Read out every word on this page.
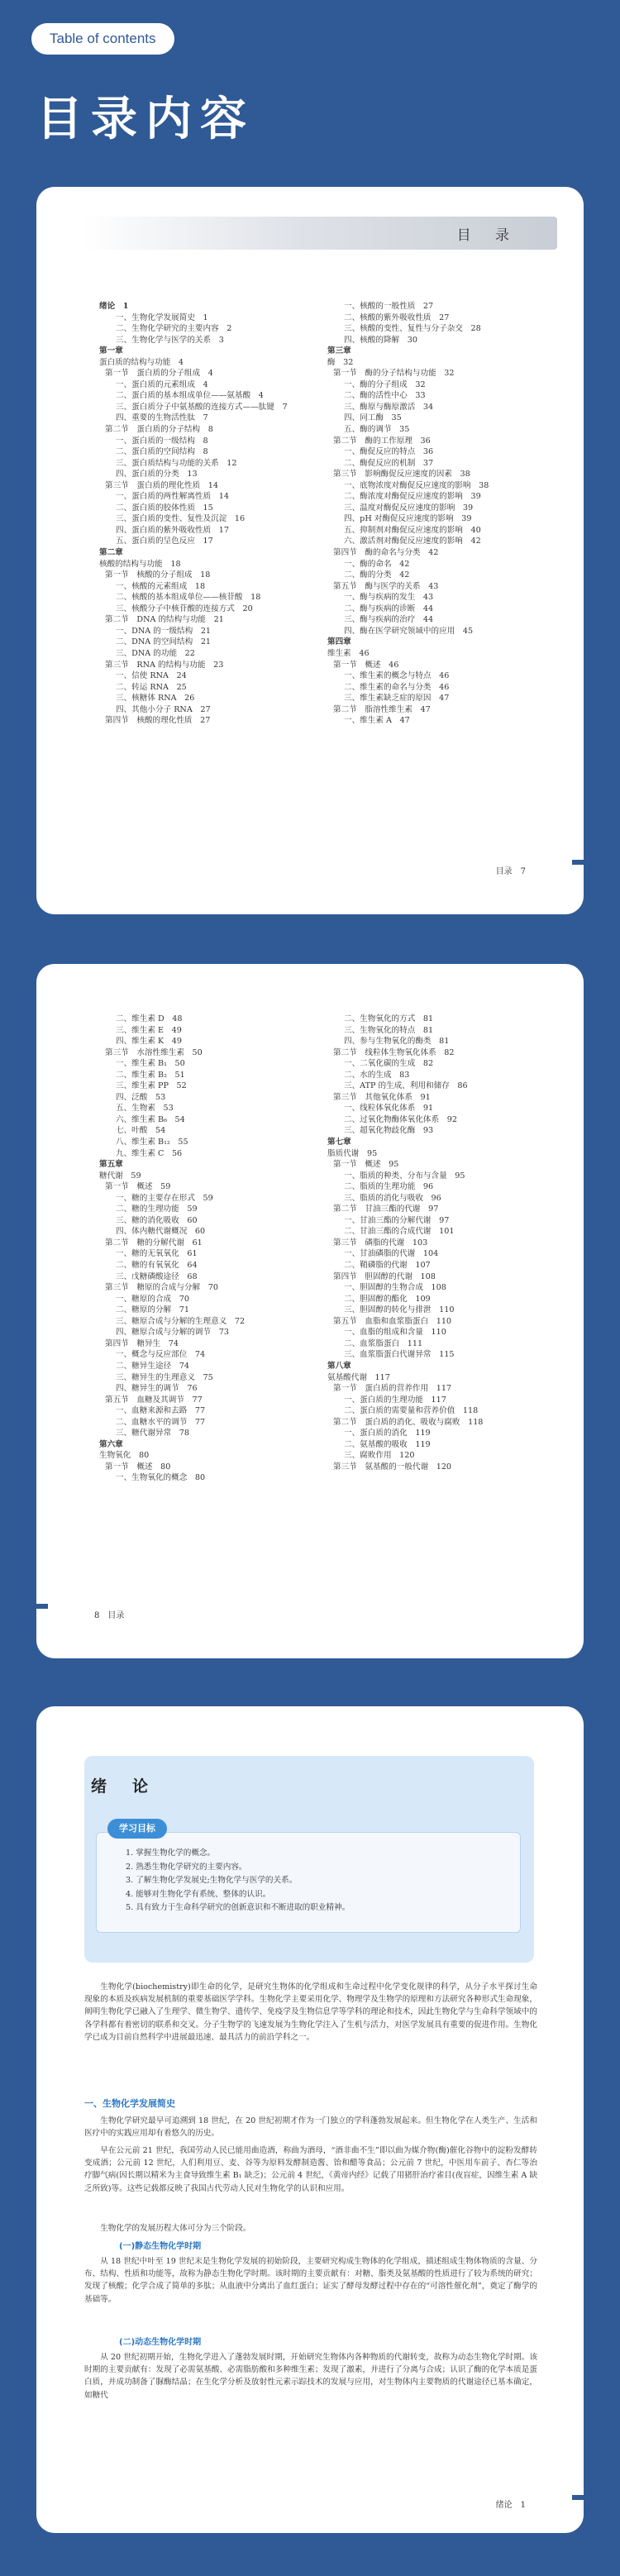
Table of contents
目录内容
目 录
绪论　1
一、生物化学发展简史　1
二、生物化学研究的主要内容　2
三、生物化学与医学的关系　3
第一章
蛋白质的结构与功能　4
第一节　蛋白质的分子组成　4
一、蛋白质的元素组成　4
二、蛋白质的基本组成单位——氨基酸　4
三、蛋白质分子中氨基酸的连接方式——肽键　7
四、重要的生物活性肽　7
第二节　蛋白质的分子结构　8
一、蛋白质的一级结构　8
二、蛋白质的空间结构　8
三、蛋白质结构与功能的关系　12
四、蛋白质的分类　13
第三节　蛋白质的理化性质　14
一、蛋白质的两性解离性质　14
二、蛋白质的胶体性质　15
三、蛋白质的变性、复性及沉淀　16
四、蛋白质的紫外吸收性质　17
五、蛋白质的呈色反应　17
第二章
核酸的结构与功能　18
第一节　核酸的分子组成　18
一、核酸的元素组成　18
二、核酸的基本组成单位——核苷酸　18
三、核酸分子中核苷酸的连接方式　20
第二节　DNA 的结构与功能　21
一、DNA 的一级结构　21
二、DNA 的空间结构　21
三、DNA 的功能　22
第三节　RNA 的结构与功能　23
一、信使 RNA　24
二、转运 RNA　25
三、核糖体 RNA　26
四、其他小分子 RNA　27
第四节　核酸的理化性质　27
一、核酸的一般性质　27
二、核酸的紫外吸收性质　27
三、核酸的变性、复性与分子杂交　28
四、核酸的降解　30
第三章
酶　32
第一节　酶的分子结构与功能　32
一、酶的分子组成　32
二、酶的活性中心　33
三、酶原与酶原激活　34
四、同工酶　35
五、酶的调节　35
第二节　酶的工作原理　36
一、酶促反应的特点　36
二、酶促反应的机制　37
第三节　影响酶促反应速度的因素　38
一、底物浓度对酶促反应速度的影响　38
二、酶浓度对酶促反应速度的影响　39
三、温度对酶促反应速度的影响　39
四、pH 对酶促反应速度的影响　39
五、抑制剂对酶促反应速度的影响　40
六、激活剂对酶促反应速度的影响　42
第四节　酶的命名与分类　42
一、酶的命名　42
二、酶的分类　42
第五节　酶与医学的关系　43
一、酶与疾病的发生　43
二、酶与疾病的诊断　44
三、酶与疾病的治疗　44
四、酶在医学研究领域中的应用　45
第四章
维生素　46
第一节　概述　46
一、维生素的概念与特点　46
二、维生素的命名与分类　46
三、维生素缺乏症的原因　47
第二节　脂溶性维生素　47
一、维生素 A　47
目录　7
二、维生素 D　48
三、维生素 E　49
四、维生素 K　49
第三节　水溶性维生素　50
一、维生素 B₁　50
二、维生素 B₂　51
三、维生素 PP　52
四、泛酸　53
五、生物素　53
六、维生素 B₆　54
七、叶酸　54
八、维生素 B₁₂　55
九、维生素 C　56
第五章
糖代谢　59
第一节　概述　59
一、糖的主要存在形式　59
二、糖的生理功能　59
三、糖的消化吸收　60
四、体内糖代谢概况　60
第二节　糖的分解代谢　61
一、糖的无氧氧化　61
二、糖的有氧氧化　64
三、戊糖磷酸途径　68
第三节　糖原的合成与分解　70
一、糖原的合成　70
二、糖原的分解　71
三、糖原合成与分解的生理意义　72
四、糖原合成与分解的调节　73
第四节　糖异生　74
一、概念与反应部位　74
二、糖异生途径　74
三、糖异生的生理意义　75
四、糖异生的调节　76
第五节　血糖及其调节　77
一、血糖来源和去路　77
二、血糖水平的调节　77
三、糖代谢异常　78
第六章
生物氧化　80
第一节　概述　80
一、生物氧化的概念　80
二、生物氧化的方式　81
三、生物氧化的特点　81
四、参与生物氧化的酶类　81
第二节　线粒体生物氧化体系　82
一、二氧化碳的生成　82
二、水的生成　83
三、ATP 的生成、利用和储存　86
第三节　其他氧化体系　91
一、线粒体氧化体系　91
二、过氧化物酶体氧化体系　92
三、超氧化物歧化酶　93
第七章
脂质代谢　95
第一节　概述　95
一、脂质的种类、分布与含量　95
二、脂质的生理功能　96
三、脂质的消化与吸收　96
第二节　甘油三酯的代谢　97
一、甘油三酯的分解代谢　97
二、甘油三酯的合成代谢　101
第三节　磷脂的代谢　103
一、甘油磷脂的代谢　104
二、鞘磷脂的代谢　107
第四节　胆固醇的代谢　108
一、胆固醇的生物合成　108
二、胆固醇的酯化　109
三、胆固醇的转化与排泄　110
第五节　血脂和血浆脂蛋白　110
一、血脂的组成和含量　110
二、血浆脂蛋白　111
三、血浆脂蛋白代谢异常　115
第八章
氨基酸代谢　117
第一节　蛋白质的营养作用　117
一、蛋白质的生理功能　117
二、蛋白质的需要量和营养价值　118
第二节　蛋白质的消化、吸收与腐败　118
一、蛋白质的消化　119
二、氨基酸的吸收　119
三、腐败作用　120
第三节　氨基酸的一般代谢　120
8　目录
绪　论
学习目标
1. 掌握生物化学的概念。
2. 熟悉生物化学研究的主要内容。
3. 了解生物化学发展史;生物化学与医学的关系。
4. 能够对生物化学有系统、整体的认识。
5. 具有致力于生命科学研究的创新意识和不断进取的职业精神。
生物化学(biochemistry)即生命的化学，是研究生物体的化学组成和生命过程中化学变化规律的科学，从分子水平探讨生命现象的本质及疾病发展机制的重要基础医学学科。生物化学主要采用化学、物理学及生物学的原理和方法研究各种形式生命现象，阐明生物化学已融入了生理学、微生物学、遗传学、免疫学及生物信息学等学科的理论和技术，因此生物化学与生命科学领域中的各学科都有着密切的联系和交叉。分子生物学的飞速发展为生物化学注入了生机与活力，对医学发展具有重要的促进作用。生物化学已成为目前自然科学中进展最迅速、最具活力的前沿学科之一。
一、生物化学发展简史
生物化学研究最早可追溯到 18 世纪，在 20 世纪初期才作为一门独立的学科蓬勃发展起来。但生物化学在人类生产、生活和医疗中的实践应用却有着悠久的历史。
早在公元前 21 世纪，我国劳动人民已能用曲造酒，称曲为酒母，“酒非曲不生”即以曲为媒介物(酶)催化谷物中的淀粉发酵转变成酒；公元前 12 世纪，人们利用豆、麦、谷等为原料发酵制造酱、饴和醋等食品；公元前 7 世纪，中医用车前子、杏仁等治疗脚气病(因长期以精米为主食导致维生素 B₁ 缺乏)；公元前 4 世纪，《黄帝内经》记载了用猪肝治疗雀目(夜盲症，因维生素 A 缺乏所致)等。这些记载都反映了我国古代劳动人民对生物化学的认识和应用。
生物化学的发展历程大体可分为三个阶段。
(一)静态生物化学时期
从 18 世纪中叶至 19 世纪末是生物化学发展的初始阶段，主要研究构成生物体的化学组成，描述组成生物体物质的含量、分布、结构、性质和功能等，故称为静态生物化学时期。该时期的主要贡献有：对糖、脂类及氨基酸的性质进行了较为系统的研究；发现了核酸；化学合成了简单的多肽；从血液中分离出了血红蛋白；证实了酵母发酵过程中存在的“可溶性催化剂”，奠定了酶学的基础等。
(二)动态生物化学时期
从 20 世纪初期开始，生物化学进入了蓬勃发展时期，开始研究生物体内各种物质的代谢转变，故称为动态生物化学时期。该时期的主要贡献有：发现了必需氨基酸、必需脂肪酸和多种维生素；发现了激素，并进行了分离与合成；认识了酶的化学本质是蛋白质，并成功制备了脲酶结晶；在生化学分析及放射性元素示踪技术的发展与应用，对生物体内主要物质的代谢途径已基本确定，如糖代
绪论　1
